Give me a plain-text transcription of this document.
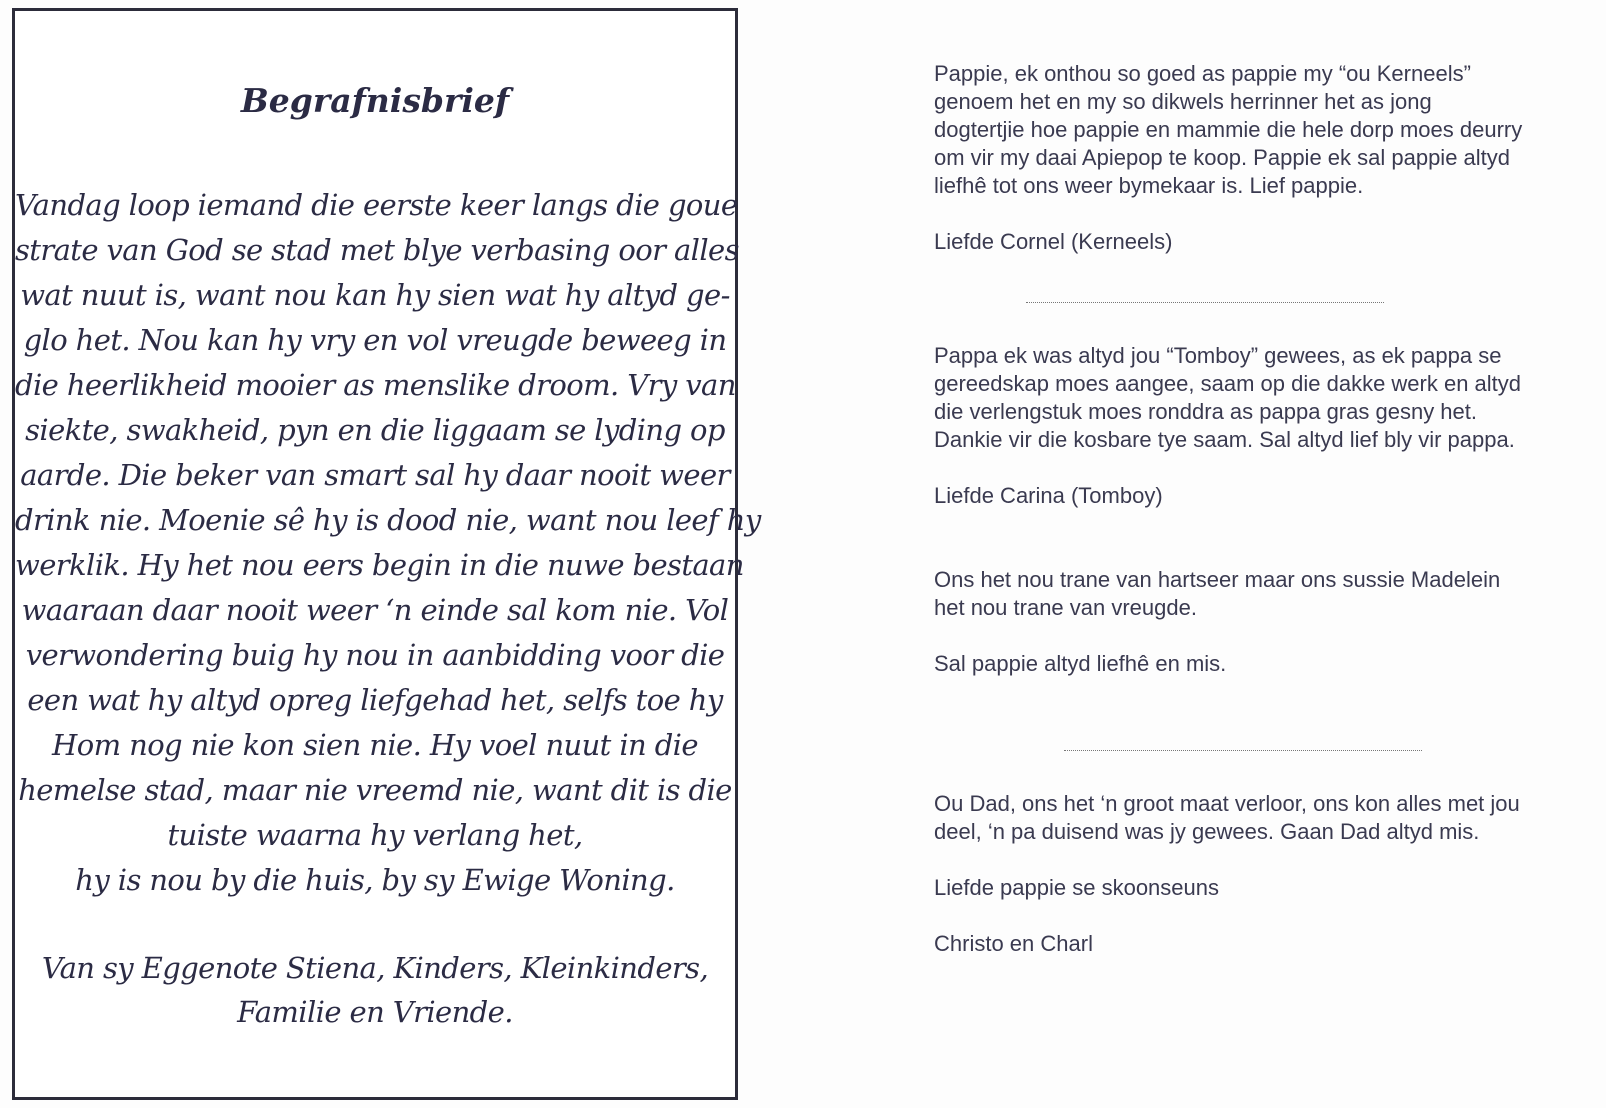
Begrafnisbrief
Vandag loop iemand die eerste keer langs die goue
strate van God se stad met blye verbasing oor alles
wat nuut is, want nou kan hy sien wat hy altyd ge-
glo het. Nou kan hy vry en vol vreugde beweeg in
die heerlikheid mooier as menslike droom. Vry van
siekte, swakheid, pyn en die liggaam se lyding op
aarde. Die beker van smart sal hy daar nooit weer
drink nie. Moenie sê hy is dood nie, want nou leef hy
werklik. Hy het nou eers begin in die nuwe bestaan
waaraan daar nooit weer ‘n einde sal kom nie. Vol
verwondering buig hy nou in aanbidding voor die
een wat hy altyd opreg liefgehad het, selfs toe hy
Hom nog nie kon sien nie. Hy voel nuut in die
hemelse stad, maar nie vreemd nie, want dit is die
tuiste waarna hy verlang het,
hy is nou by die huis, by sy Ewige Woning.
Van sy Eggenote Stiena, Kinders, Kleinkinders,
Familie en Vriende.
Pappie, ek onthou so goed as pappie my “ou Kerneels”
genoem het en my so dikwels herrinner het as jong
dogtertjie hoe pappie en mammie die hele dorp moes deurry
om vir my daai Apiepop te koop. Pappie ek sal pappie altyd
liefhê tot ons weer bymekaar is. Lief pappie.
Liefde Cornel (Kerneels)
Pappa ek was altyd jou “Tomboy” gewees, as ek pappa se
gereedskap moes aangee, saam op die dakke werk en altyd
die verlengstuk moes ronddra as pappa gras gesny het.
Dankie vir die kosbare tye saam. Sal altyd lief bly vir pappa.
Liefde Carina (Tomboy)
Ons het nou trane van hartseer maar ons sussie Madelein
het nou trane van vreugde.
Sal pappie altyd liefhê en mis.
Ou Dad, ons het ‘n groot maat verloor, ons kon alles met jou
deel, ‘n pa duisend was jy gewees. Gaan Dad altyd mis.
Liefde pappie se skoonseuns
Christo en Charl
